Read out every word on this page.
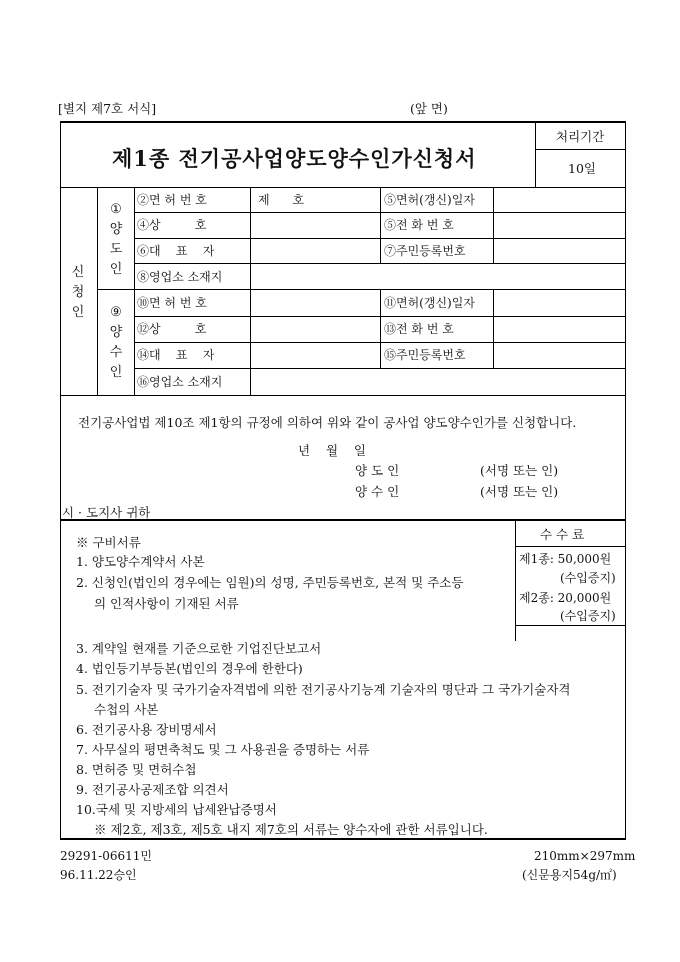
[별지 제7호 서식]	(앞 면)
제1종 전기공사업양도양수인가신청서
처리기간
10일
신
청
인
①
양
도
인
⑨
양
수
인
②면 허 번 호	제      호	⑤면허(갱신)일자
④상         호	⑤전 화 번 호
⑥대    표    자	⑦주민등록번호
⑧영업소 소재지
⑩면 허 번 호	⑪면허(갱신)일자
⑫상         호	⑬전 화 번 호
⑭대    표    자	⑮주민등록번호
⑯영업소 소재지
전기공사업법 제10조 제1항의 규정에 의하여 위와 같이 공사업 양도양수인가를 신청합니다.
년    월    일
양 도 인	(서명 또는 인)
양 수 인	(서명 또는 인)
시 · 도지사 귀하
수 수 료
제1종: 50,000원
(수입증지)
제2종: 20,000원
(수입증지)
※ 구비서류
1. 양도양수계약서 사본
2. 신청인(법인의 경우에는 임원)의 성명, 주민등록번호, 본적 및 주소등
의 인적사항이 기재된 서류
3. 계약일 현재를 기준으로한 기업진단보고서
4. 법인등기부등본(법인의 경우에 한한다)
5. 전기기술자 및 국가기술자격법에 의한 전기공사기능계 기술자의 명단과 그 국가기술자격
수첩의 사본
6. 전기공사용 장비명세서
7. 사무실의 평면축척도 및 그 사용권을 증명하는 서류
8. 면허증 및 면허수첩
9. 전기공사공제조합 의견서
10.국세 및 지방세의 납세완납증명서
※ 제2호, 제3호, 제5호 내지 제7호의 서류는 양수자에 관한 서류입니다.
29291-06611민
96.11.22승인
210mm×297mm
(신문용지54g/㎡)
